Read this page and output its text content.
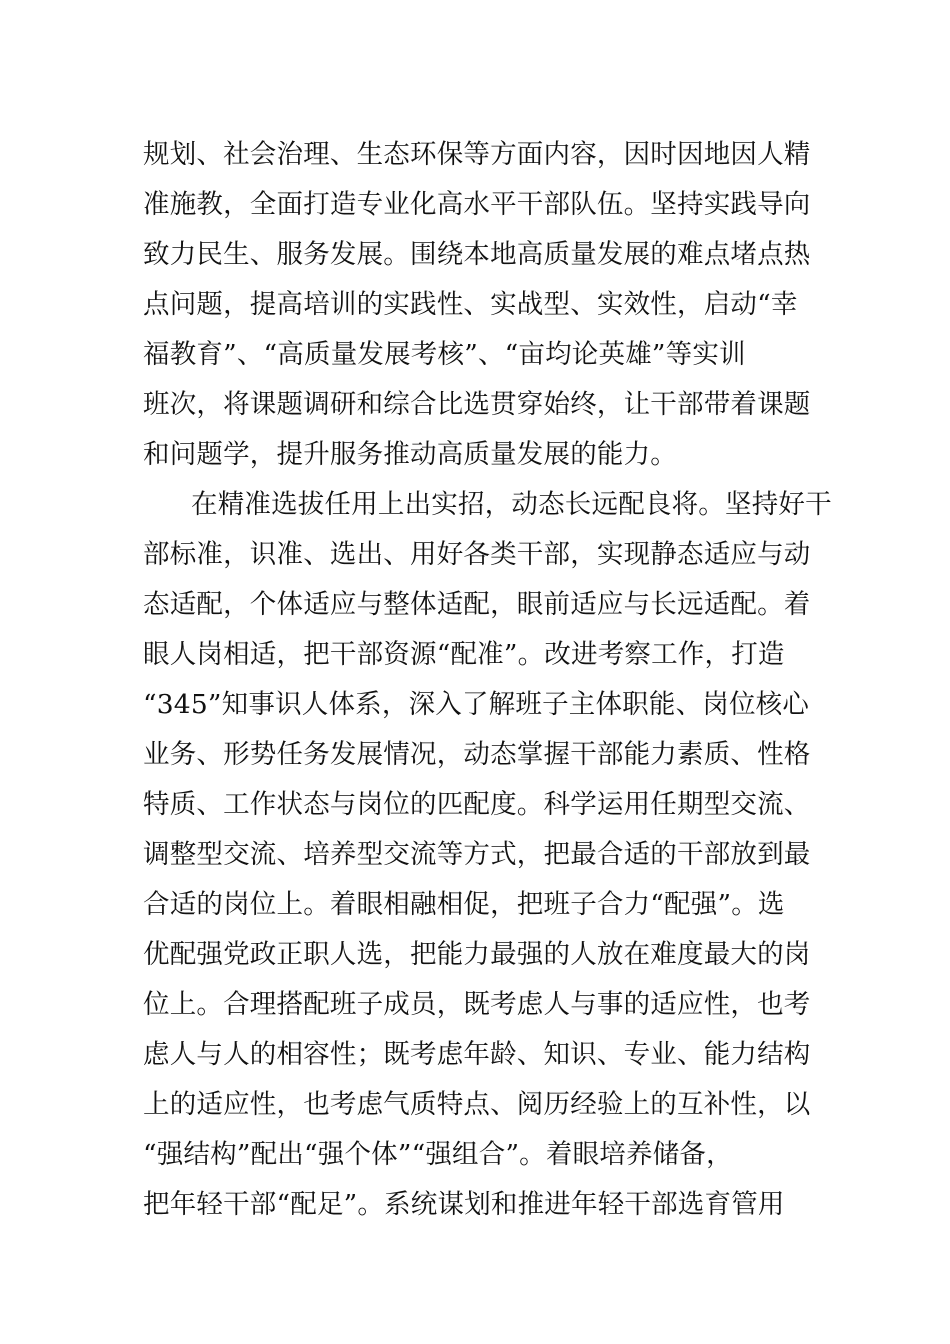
规划、社会治理、生态环保等方面内容，因时因地因人精
准施教，全面打造专业化高水平干部队伍。坚持实践导向
致力民生、服务发展。围绕本地高质量发展的难点堵点热
点问题，提高培训的实践性、实战型、实效性，启动“幸
福教育”、“高质量发展考核”、“亩均论英雄”等实训
班次，将课题调研和综合比选贯穿始终，让干部带着课题
和问题学，提升服务推动高质量发展的能力。
在精准选拔任用上出实招，动态长远配良将。坚持好干
部标准，识准、选出、用好各类干部，实现静态适应与动
态适配，个体适应与整体适配，眼前适应与长远适配。着
眼人岗相适，把干部资源“配准”。改进考察工作，打造
“345”知事识人体系，深入了解班子主体职能、岗位核心
业务、形势任务发展情况，动态掌握干部能力素质、性格
特质、工作状态与岗位的匹配度。科学运用任期型交流、
调整型交流、培养型交流等方式，把最合适的干部放到最
合适的岗位上。着眼相融相促，把班子合力“配强”。选
优配强党政正职人选，把能力最强的人放在难度最大的岗
位上。合理搭配班子成员，既考虑人与事的适应性，也考
虑人与人的相容性；既考虑年龄、知识、专业、能力结构
上的适应性，也考虑气质特点、阅历经验上的互补性，以
“强结构”配出“强个体”“强组合”。着眼培养储备，
把年轻干部“配足”。系统谋划和推进年轻干部选育管用
